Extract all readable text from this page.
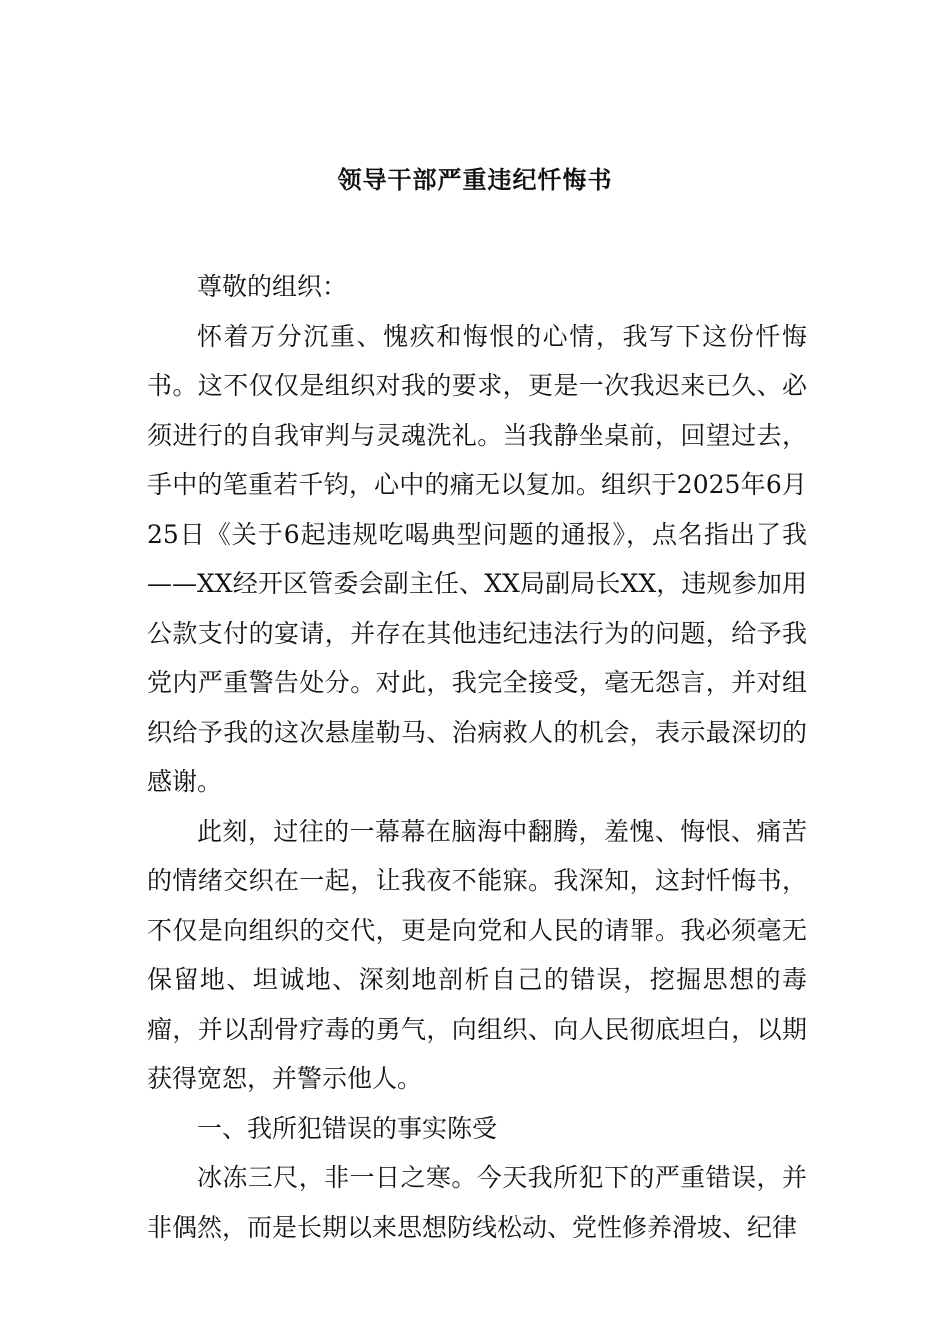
领导干部严重违纪忏悔书

尊敬的组织：

怀着万分沉重、愧疚和悔恨的心情，我写下这份忏悔书。这不仅仅是组织对我的要求，更是一次我迟来已久、必须进行的自我审判与灵魂洗礼。当我静坐桌前，回望过去，手中的笔重若千钧，心中的痛无以复加。组织于2025年6月25日《关于6起违规吃喝典型问题的通报》，点名指出了我——XX经开区管委会副主任、XX局副局长XX，违规参加用公款支付的宴请，并存在其他违纪违法行为的问题，给予我党内严重警告处分。对此，我完全接受，毫无怨言，并对组织给予我的这次悬崖勒马、治病救人的机会，表示最深切的感谢。

此刻，过往的一幕幕在脑海中翻腾，羞愧、悔恨、痛苦的情绪交织在一起，让我夜不能寐。我深知，这封忏悔书，不仅是向组织的交代，更是向党和人民的请罪。我必须毫无保留地、坦诚地、深刻地剖析自己的错误，挖掘思想的毒瘤，并以刮骨疗毒的勇气，向组织、向人民彻底坦白，以期获得宽恕，并警示他人。

一、我所犯错误的事实陈受

冰冻三尺，非一日之寒。今天我所犯下的严重错误，并非偶然，而是长期以来思想防线松动、党性修养滑坡、纪律
